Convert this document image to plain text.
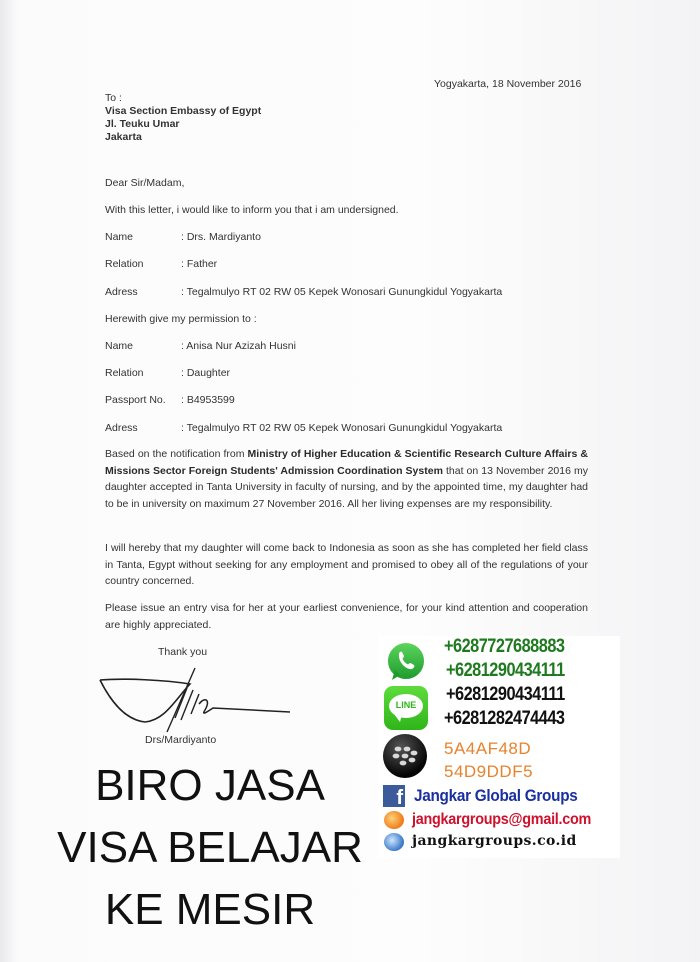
Yogyakarta, 18 November 2016
To :
Visa Section Embassy of Egypt
Jl. Teuku Umar
Jakarta
Dear Sir/Madam,
With this letter, i would like to inform you that i am undersigned.
Name	: Drs. Mardiyanto
Relation	: Father
Adress	: Tegalmulyo RT 02 RW 05 Kepek Wonosari Gunungkidul Yogyakarta
Herewith give my permission to :
Name	: Anisa Nur Azizah Husni
Relation	: Daughter
Passport No. : B4953599
Adress	: Tegalmulyo RT 02 RW 05 Kepek Wonosari Gunungkidul Yogyakarta
Based on the notification from Ministry of Higher Education & Scientific Research Culture Affairs & Missions Sector Foreign Students' Admission Coordination System that on 13 November 2016 my daughter accepted in Tanta University in faculty of nursing, and by the appointed time, my daughter had to be in university on maximum 27 November 2016. All her living expenses are my responsibility.
I will hereby that my daughter will come back to Indonesia as soon as she has completed her field class in Tanta, Egypt without seeking for any employment and promised to obey all of the regulations of your country concerned.
Please issue an entry visa for her at your earliest convenience, for your kind attention and cooperation are highly appreciated.
Thank you
Drs/Mardiyanto
BIRO JASA
VISA BELAJAR
KE MESIR
+6287727688883
+6281290434111
LINE	+6281290434111
+6281282474443
5A4AF48D
54D9DDF5
f Jangkar Global Groups
jangkargroups@gmail.com
jangkargroups.co.id
